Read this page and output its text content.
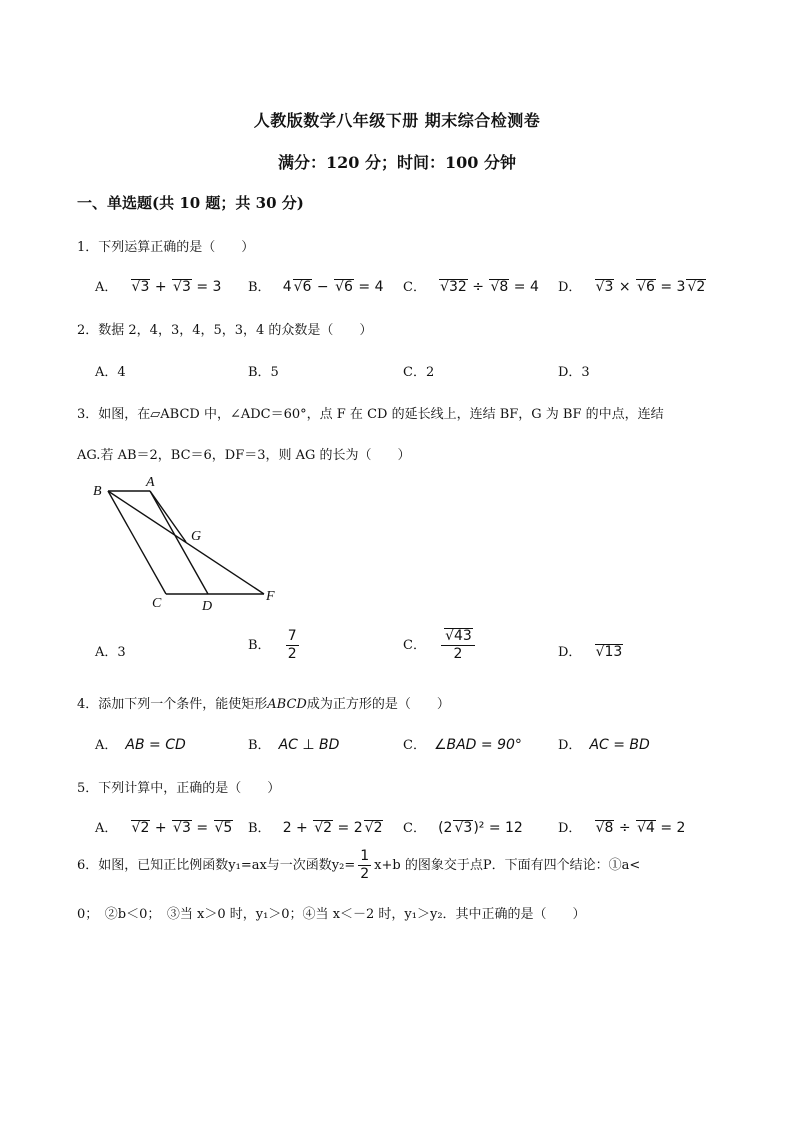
人教版数学八年级下册 期末综合检测卷
满分：120 分；时间：100 分钟
一、单选题(共 10 题；共 30 分)
1．下列运算正确的是（　　）
A． √ 3 + √ 3 = 3 B． 4 √ 6 − √ 6 = 4 C． √ 32 ÷ √ 8 = 4 D． √ 3 × √ 6 = 3 √ 2
2．数据 2，4，3，4，5，3，4 的众数是（　　）
A．4	B．5	C．2	D．3
3．如图，在▱ABCD 中，∠ADC＝60°，点 F 在 CD 的延长线上，连结 BF，G 为 BF 的中点，连结
AG.若 AB＝2，BC＝6，DF＝3，则 AG 的长为（　　）
B
A
G
C	D
F
A．3	B． $\frac{7}{2}$	C． √ $\frac{43}{2}$	D． √ 13
4．添加下列一个条件，能使矩形ABCD成为正方形的是（　　）
A． AB = CD	B． AC ⊥ BD	C． ∠BAD = 90°	D． AC = BD
5．下列计算中，正确的是（　　）
A． √ 2 + √ 3 = √ 5 B． 2 + √ 2 = 2 √ 2 C． (2 √ 3)² = 12	D． √ 8 ÷ √ 4 = 2
6．如图，已知正比例函数y₁=ax与一次函数$y_2= \frac{1}{2} x+b$ 的图象交于点P．下面有四个结论：①a<
0；　②b＜0；　③当 x＞0 时，y₁＞0；④当 x＜－2 时，y₁＞y₂．其中正确的是（　　）
